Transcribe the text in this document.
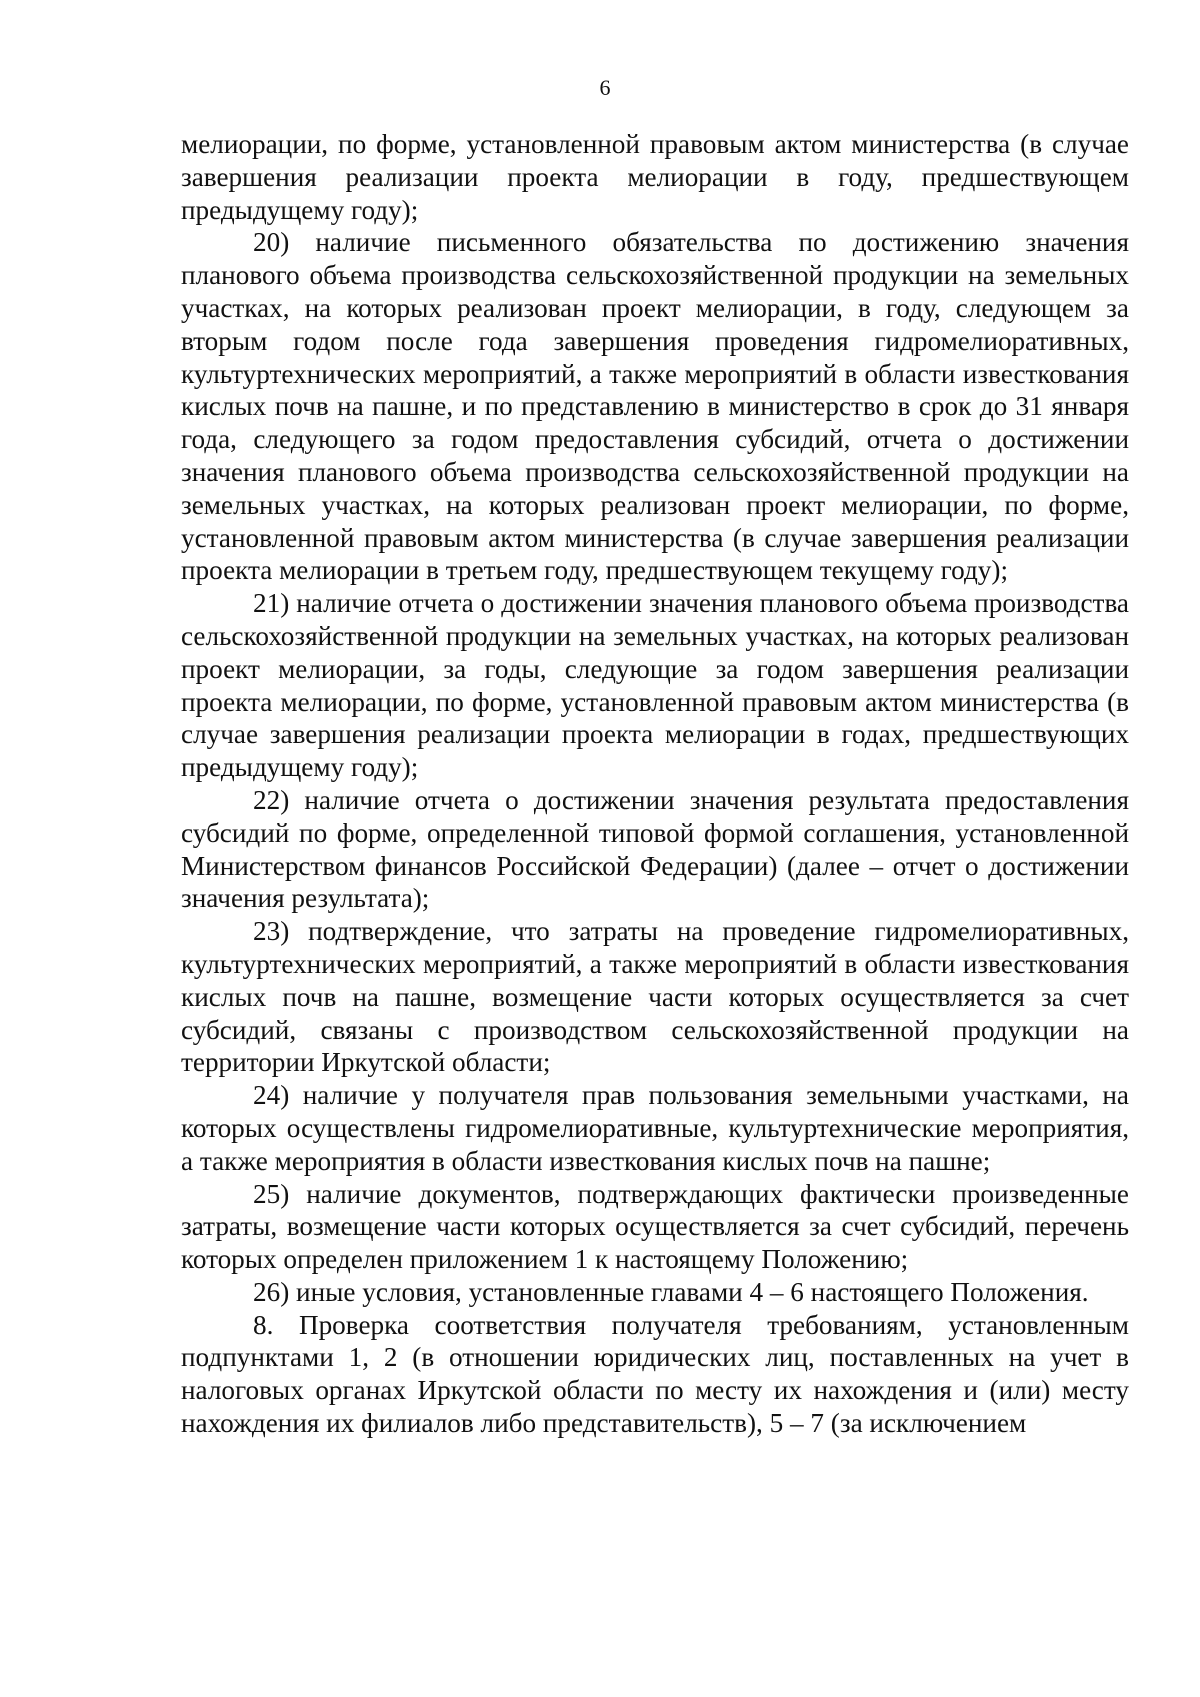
6

мелиорации, по форме, установленной правовым актом министерства (в случае завершения реализации проекта мелиорации в году, предшествующем предыдущему году);

20) наличие письменного обязательства по достижению значения планового объема производства сельскохозяйственной продукции на земельных участках, на которых реализован проект мелиорации, в году, следующем за вторым годом после года завершения проведения гидромелиоративных, культуртехнических мероприятий, а также мероприятий в области известкования кислых почв на пашне, и по представлению в министерство в срок до 31 января года, следующего за годом предоставления субсидий, отчета о достижении значения планового объема производства сельскохозяйственной продукции на земельных участках, на которых реализован проект мелиорации, по форме, установленной правовым актом министерства (в случае завершения реализации проекта мелиорации в третьем году, предшествующем текущему году);

21) наличие отчета о достижении значения планового объема производства сельскохозяйственной продукции на земельных участках, на которых реализован проект мелиорации, за годы, следующие за годом завершения реализации проекта мелиорации, по форме, установленной правовым актом министерства (в случае завершения реализации проекта мелиорации в годах, предшествующих предыдущему году);

22) наличие отчета о достижении значения результата предоставления субсидий по форме, определенной типовой формой соглашения, установленной Министерством финансов Российской Федерации) (далее – отчет о достижении значения результата);

23) подтверждение, что затраты на проведение гидромелиоративных, культуртехнических мероприятий, а также мероприятий в области известкования кислых почв на пашне, возмещение части которых осуществляется за счет субсидий, связаны с производством сельскохозяйственной продукции на территории Иркутской области;

24) наличие у получателя прав пользования земельными участками, на которых осуществлены гидромелиоративные, культуртехнические мероприятия, а также мероприятия в области известкования кислых почв на пашне;

25) наличие документов, подтверждающих фактически произведенные затраты, возмещение части которых осуществляется за счет субсидий, перечень которых определен приложением 1 к настоящему Положению;

26) иные условия, установленные главами 4 – 6 настоящего Положения.

8. Проверка соответствия получателя требованиям, установленным подпунктами 1, 2 (в отношении юридических лиц, поставленных на учет в налоговых органах Иркутской области по месту их нахождения и (или) месту нахождения их филиалов либо представительств), 5 – 7 (за исключением
